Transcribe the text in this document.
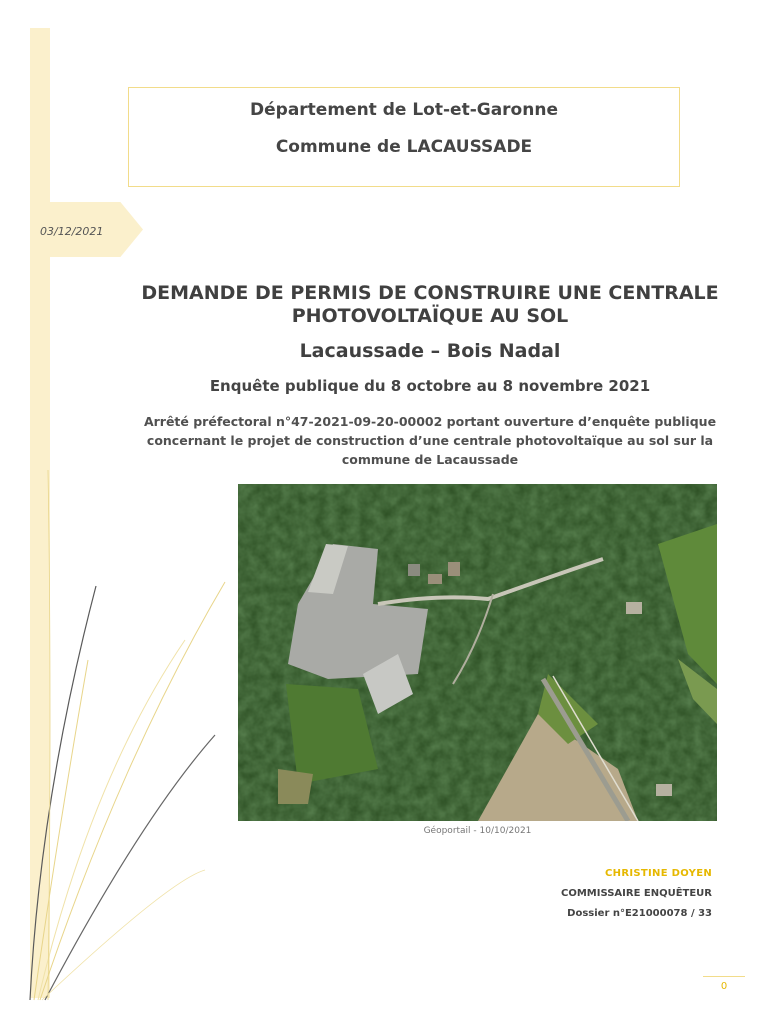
Département de Lot-et-Garonne
Commune de LACAUSSADE
03/12/2021
DEMANDE DE PERMIS DE CONSTRUIRE UNE CENTRALE PHOTOVOLTAÏQUE AU SOL
Lacaussade – Bois Nadal
Enquête publique du 8 octobre au 8 novembre 2021
Arrêté préfectoral n°47-2021-09-20-00002 portant ouverture d’enquête publique concernant le projet de construction d’une centrale photovoltaïque au sol sur la commune de Lacaussade
Géoportail - 10/10/2021
CHRISTINE DOYEN
COMMISSAIRE ENQUÊTEUR
Dossier n°E21000078 / 33
0
